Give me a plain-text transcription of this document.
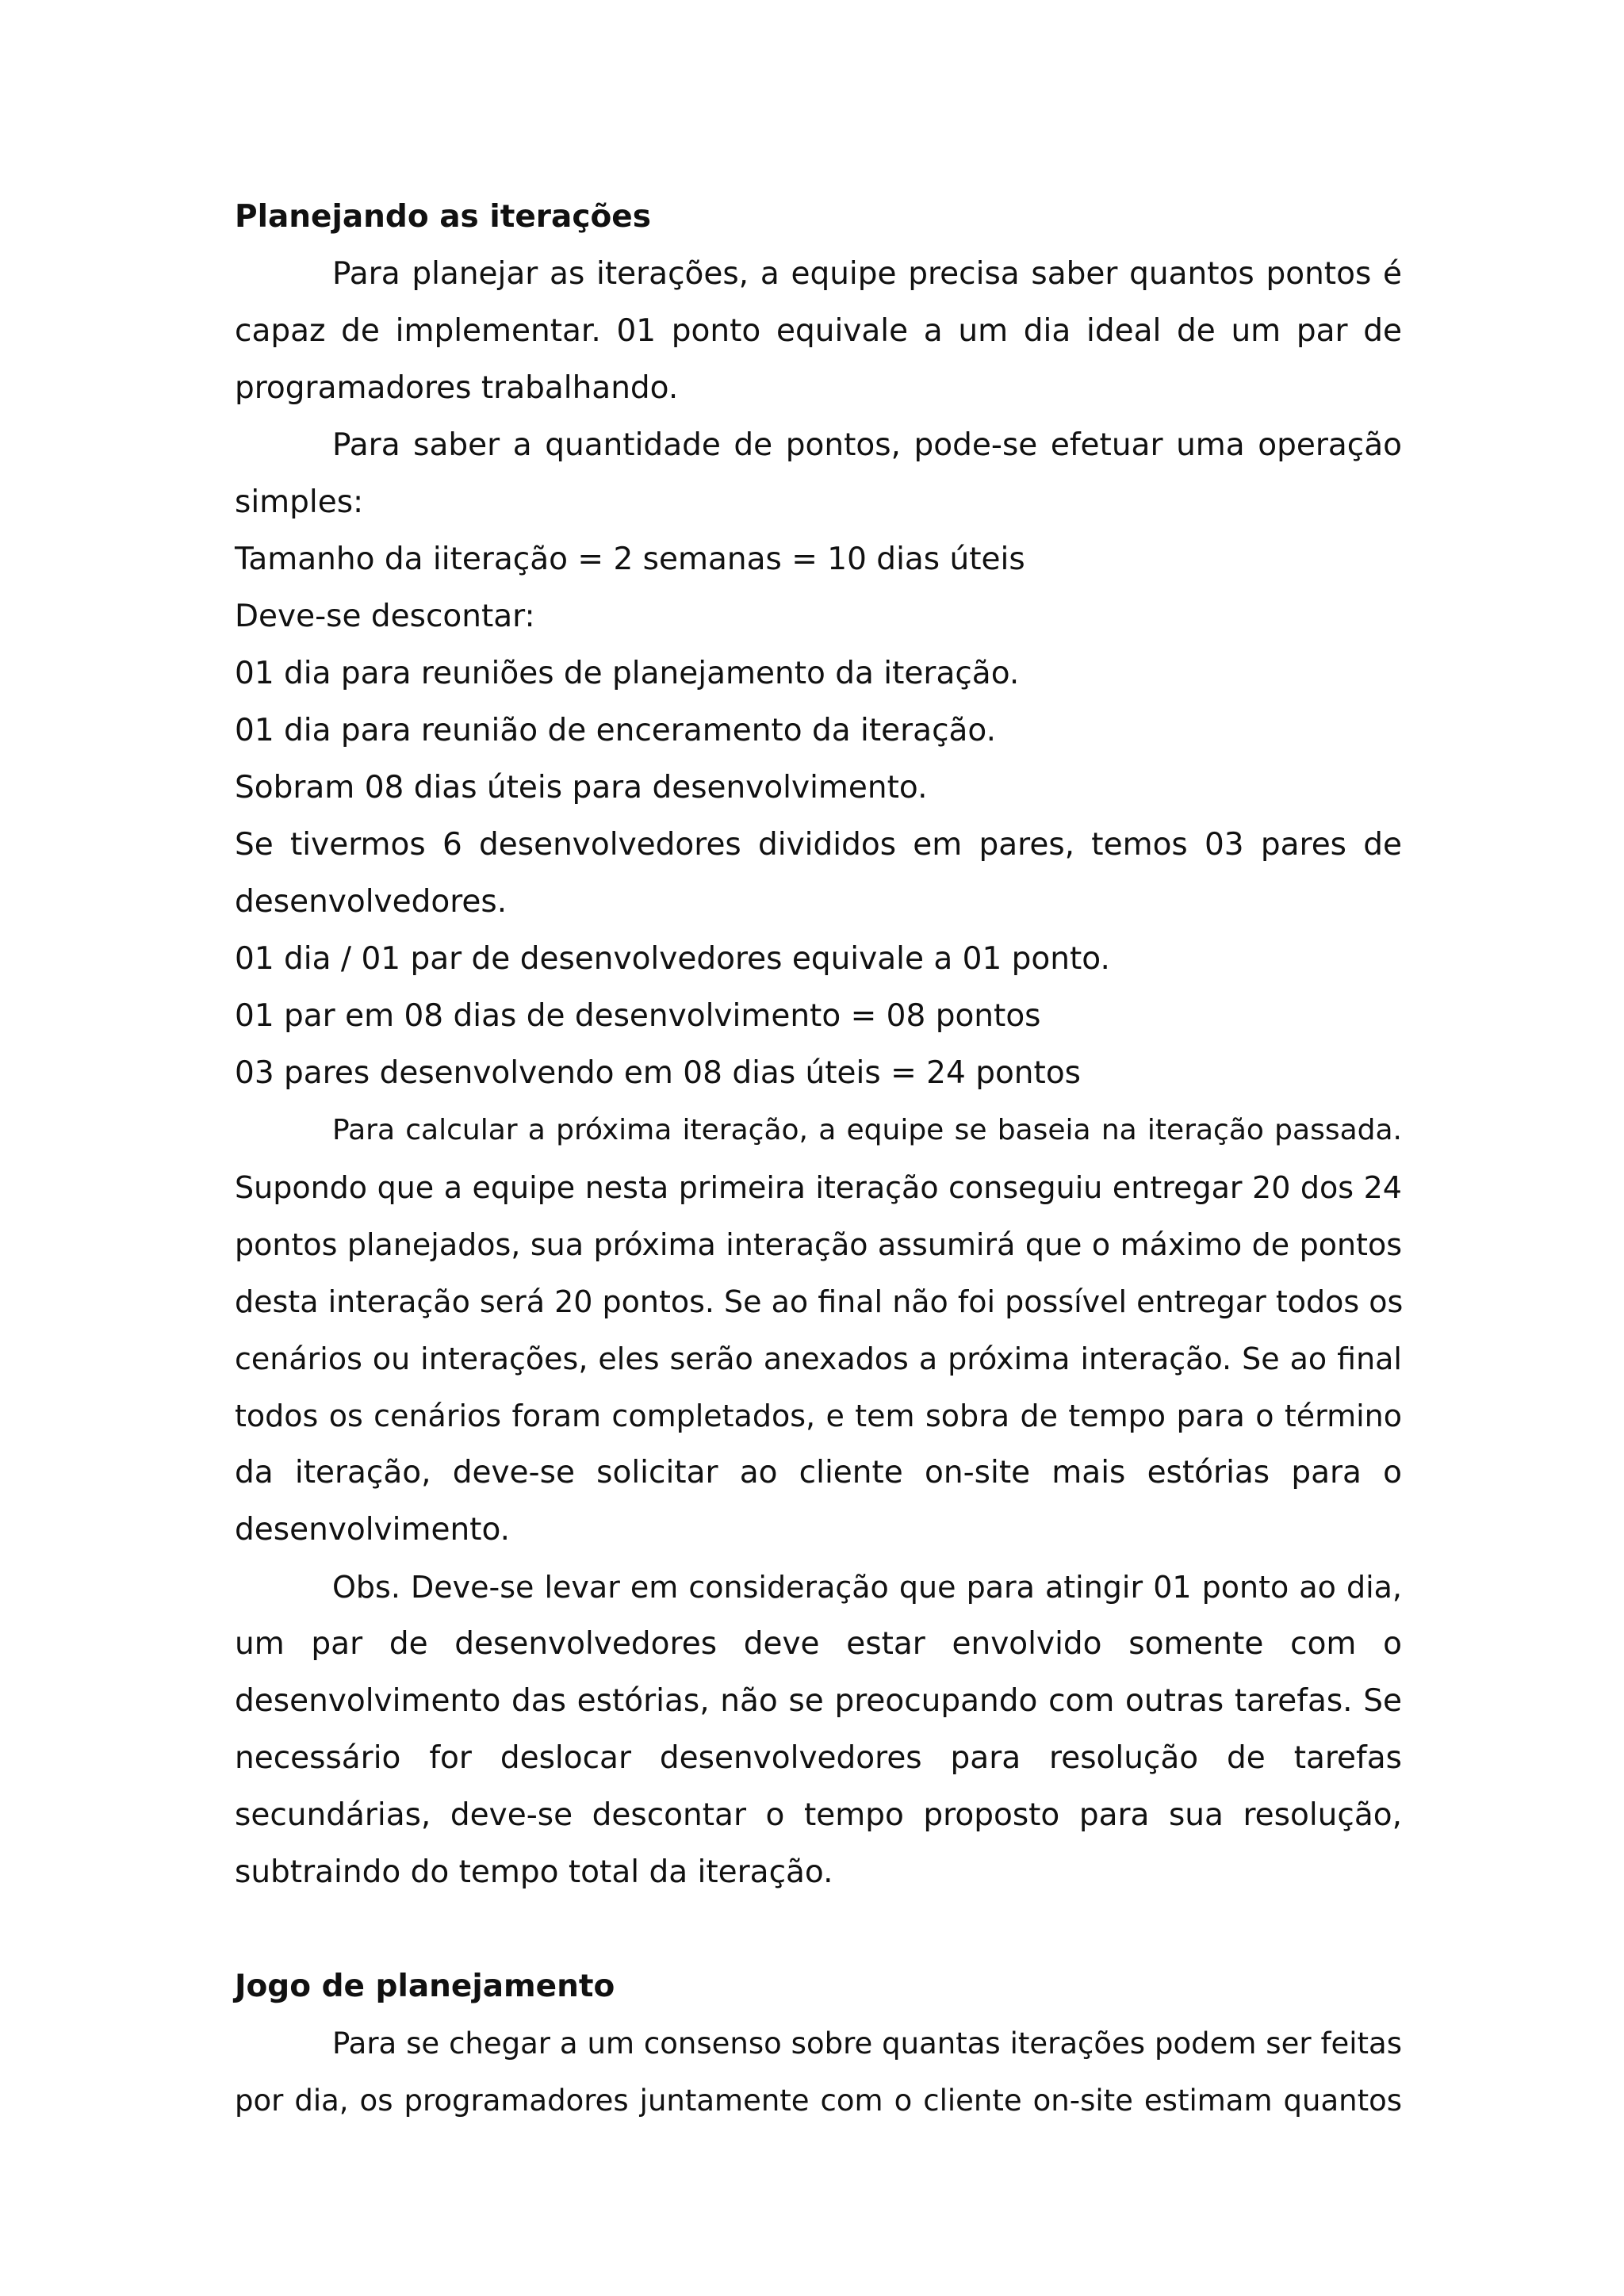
Planejando as iterações
Para planejar as iterações, a equipe precisa saber quantos pontos é
capaz de implementar. 01 ponto equivale a um dia ideal de um par de
programadores trabalhando.
Para saber a quantidade de pontos, pode-se efetuar uma operação
simples:
Tamanho da iiteração = 2 semanas = 10 dias úteis
Deve-se descontar:
01 dia para reuniões de planejamento da iteração.
01 dia para reunião de enceramento da iteração.
Sobram 08 dias úteis para desenvolvimento.
Se tivermos 6 desenvolvedores divididos em pares, temos 03 pares de
desenvolvedores.
01 dia / 01 par de desenvolvedores equivale a 01 ponto.
01 par em 08 dias de desenvolvimento = 08 pontos
03 pares desenvolvendo em 08 dias úteis = 24 pontos
Para calcular a próxima iteração, a equipe se baseia na iteração passada.
Supondo que a equipe nesta primeira iteração conseguiu entregar 20 dos 24
pontos planejados, sua próxima interação assumirá que o máximo de pontos
desta interação será 20 pontos. Se ao final não foi possível entregar todos os
cenários ou interações, eles serão anexados a próxima interação. Se ao final
todos os cenários foram completados, e tem sobra de tempo para o término
da iteração, deve-se solicitar ao cliente on-site mais estórias para o
desenvolvimento.
Obs. Deve-se levar em consideração que para atingir 01 ponto ao dia,
um par de desenvolvedores deve estar envolvido somente com o
desenvolvimento das estórias, não se preocupando com outras tarefas. Se
necessário for deslocar desenvolvedores para resolução de tarefas
secundárias, deve-se descontar o tempo proposto para sua resolução,
subtraindo do tempo total da iteração.
Jogo de planejamento
Para se chegar a um consenso sobre quantas iterações podem ser feitas
por dia, os programadores juntamente com o cliente on-site estimam quantos
